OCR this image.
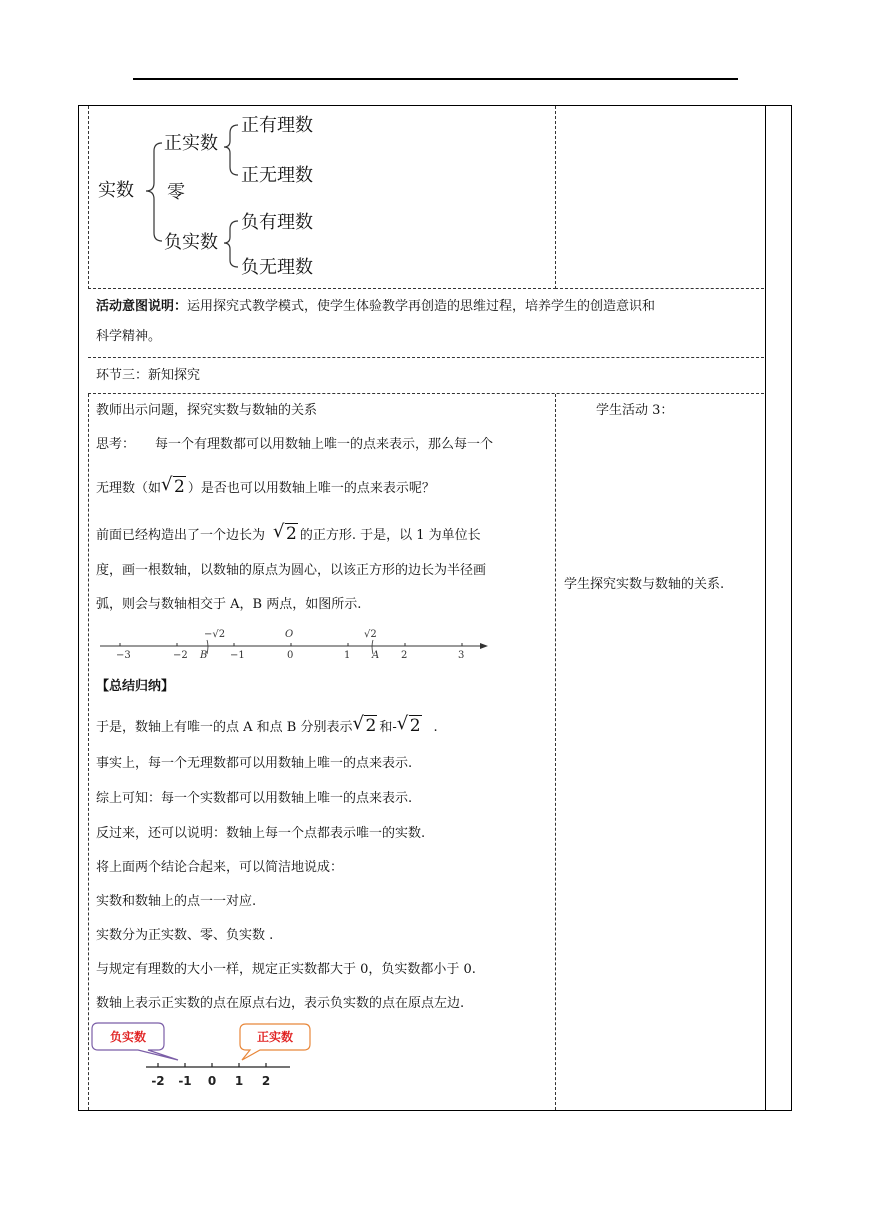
实数
正实数
零
负实数
正有理数
正无理数
负有理数
负无理数
活动意图说明：运用探究式教学模式，使学生体验教学再创造的思维过程，培养学生的创造意识和
科学精神。
环节三：新知探究
教师出示问题，探究实数与数轴的关系
思考： 每一个有理数都可以用数轴上唯一的点来表示，那么每一个
无理数（如 √ 2 ）是否也可以用数轴上唯一的点来表示呢？
前面已经构造出了一个边长为 √ 2 的正方形. 于是，以 1 为单位长
度，画一根数轴，以数轴的原点为圆心，以该正方形的边长为半径画
弧，则会与数轴相交于 A，B 两点，如图所示.
−3	−2	−1	0	1	2	3
−√2	O	√2
B	A
【总结归纳】
于是，数轴上有唯一的点 A 和点 B 分别表示 √ 2 和- √ 2 .
事实上，每一个无理数都可以用数轴上唯一的点来表示.
综上可知：每一个实数都可以用数轴上唯一的点来表示.
反过来，还可以说明：数轴上每一个点都表示唯一的实数.
将上面两个结论合起来，可以简洁地说成：
实数和数轴上的点一一对应.
实数分为正实数、零、负实数 .
与规定有理数的大小一样，规定正实数都大于 0，负实数都小于 0.
数轴上表示正实数的点在原点右边，表示负实数的点在原点左边.
负实数	正实数
-2 -1 0 1 2
学生活动 3：
学生探究实数与数轴的关系.
